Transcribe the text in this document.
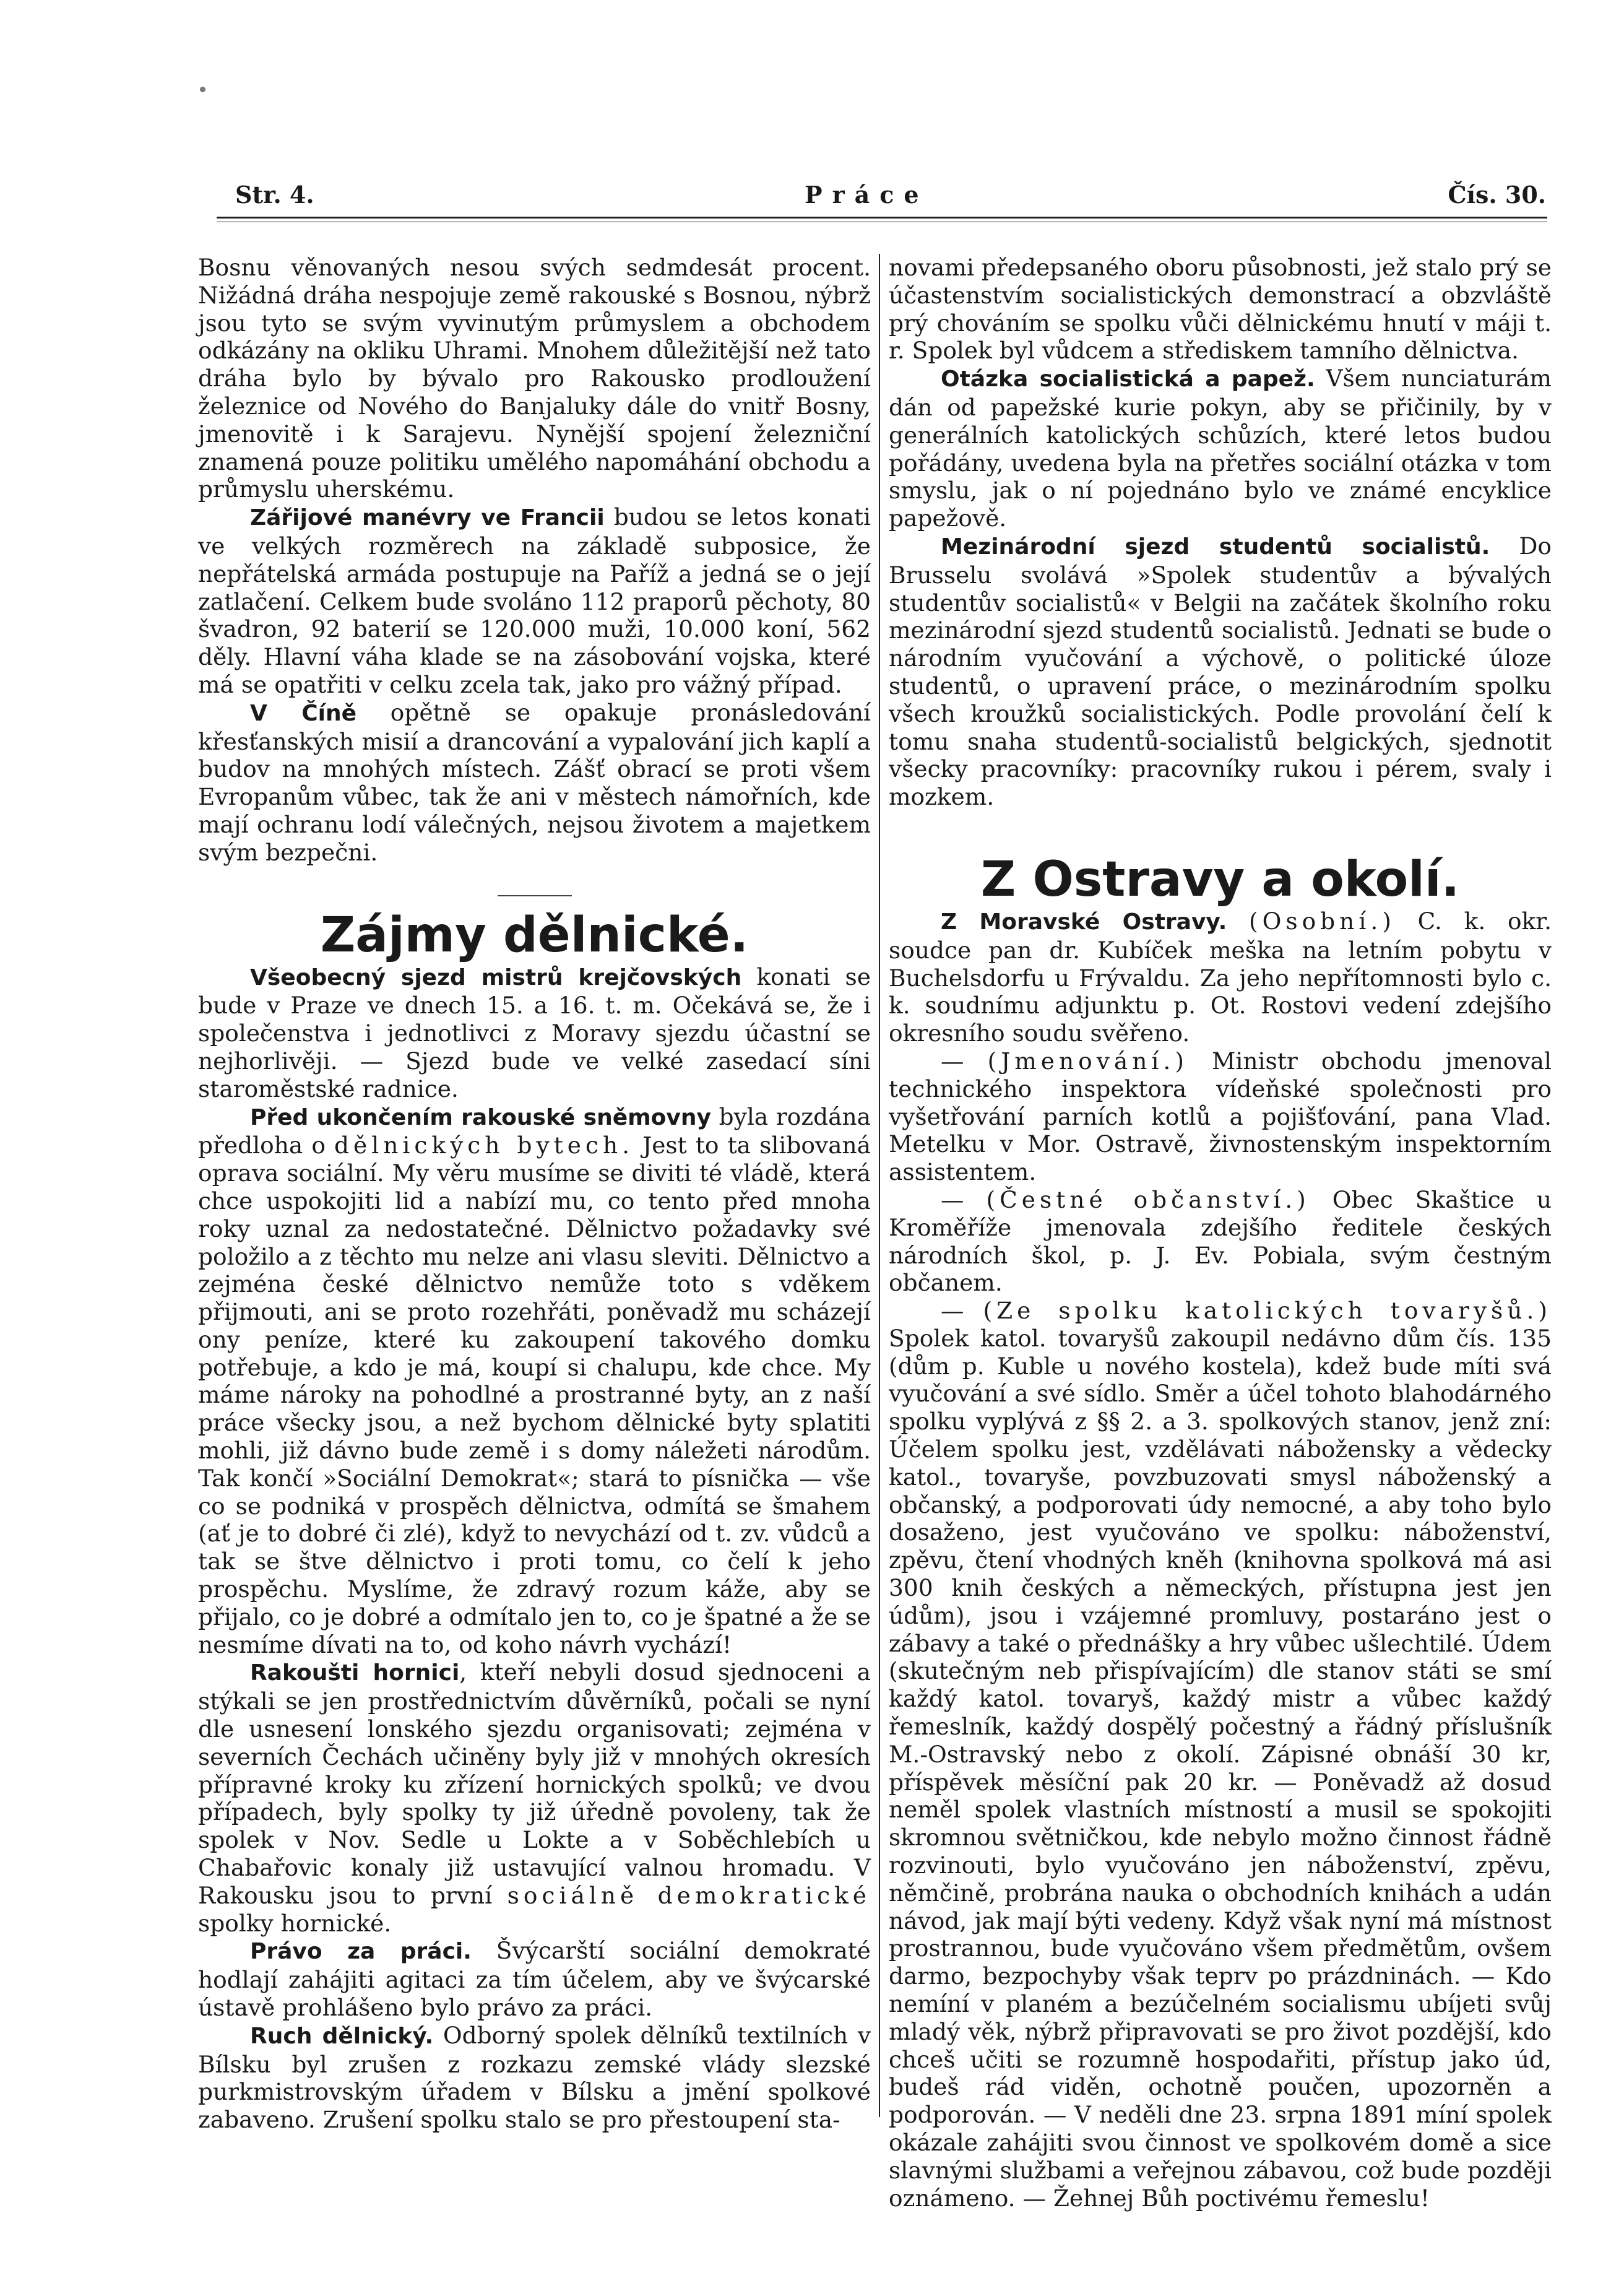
Str. 4.	Práce	Čís. 30.

Bosnu věnovaných nesou svých sedmdesát procent. Nižádná dráha nespojuje země rakouské s Bosnou, nýbrž jsou tyto se svým vyvinutým průmyslem a obchodem odkázány na okliku Uhrami. Mnohem důležitější než tato dráha bylo by bývalo pro Rakousko prodloužení železnice od Nového do Banjaluky dále do vnitř Bosny, jmenovitě i k Sarajevu. Nynější spojení železniční znamená pouze politiku umělého napomáhání obchodu a průmyslu uherskému.

Zářijové manévry ve Francii budou se letos konati ve velkých rozměrech na základě subposice, že nepřátelská armáda postupuje na Paříž a jedná se o její zatlačení. Celkem bude svoláno 112 praporů pěchoty, 80 švadron, 92 baterií se 120.000 muži, 10.000 koní, 562 děly. Hlavní váha klade se na zásobování vojska, které má se opatřiti v celku zcela tak, jako pro vážný případ.

V Číně opětně se opakuje pronásledování křesťanských misií a drancování a vypalování jich kaplí a budov na mnohých místech. Zášť obrací se proti všem Evropanům vůbec, tak že ani v městech námořních, kde mají ochranu lodí válečných, nejsou životem a majetkem svým bezpečni.

Zájmy dělnické.

Všeobecný sjezd mistrů krejčovských konati se bude v Praze ve dnech 15. a 16. t. m. Očekává se, že i společenstva i jednotlivci z Moravy sjezdu účastní se nejhorlivěji. — Sjezd bude ve velké zasedací síni staroměstské radnice.

Před ukončením rakouské sněmovny byla rozdána předloha o dělnických bytech. Jest to ta slibovaná oprava sociální. My věru musíme se diviti té vládě, která chce uspokojiti lid a nabízí mu, co tento před mnoha roky uznal za nedostatečné. Dělnictvo požadavky své položilo a z těchto mu nelze ani vlasu sleviti. Dělnictvo a zejména české dělnictvo nemůže toto s vděkem přijmouti, ani se proto rozehřáti, poněvadž mu scházejí ony peníze, které ku zakoupení takového domku potřebuje, a kdo je má, koupí si chalupu, kde chce. My máme nároky na pohodlné a prostranné byty, an z naší práce všecky jsou, a než bychom dělnické byty splatiti mohli, již dávno bude země i s domy náležeti národům. Tak končí »Sociální Demokrat«; stará to písnička — vše co se podniká v prospěch dělnictva, odmítá se šmahem (ať je to dobré či zlé), když to nevychází od t. zv. vůdců a tak se štve dělnictvo i proti tomu, co čelí k jeho prospěchu. Myslíme, že zdravý rozum káže, aby se přijalo, co je dobré a odmítalo jen to, co je špatné a že se nesmíme dívati na to, od koho návrh vychází!

Rakoušti hornici, kteří nebyli dosud sjednoceni a stýkali se jen prostřednictvím důvěrníků, počali se nyní dle usnesení lonského sjezdu organisovati; zejména v severních Čechách učiněny byly již v mnohých okresích přípravné kroky ku zřízení hornických spolků; ve dvou případech, byly spolky ty již úředně povoleny, tak že spolek v Nov. Sedle u Lokte a v Soběchlebích u Chabařovic konaly již ustavující valnou hromadu. V Rakousku jsou to první sociálně demokratické spolky hornické.

Právo za práci. Švýcarští sociální demokraté hodlají zahájiti agitaci za tím účelem, aby ve švýcarské ústavě prohlášeno bylo právo za práci.

Ruch dělnický. Odborný spolek dělníků textilních v Bílsku byl zrušen z rozkazu zemské vlády slezské purkmistrovským úřadem v Bílsku a jmění spolkové zabaveno. Zrušení spolku stalo se pro přestoupení sta-

novami předepsaného oboru působnosti, jež stalo prý se účastenstvím socialistických demonstrací a obzvláště prý chováním se spolku vůči dělnickému hnutí v máji t. r. Spolek byl vůdcem a střediskem tamního dělnictva.

Otázka socialistická a papež. Všem nunciaturám dán od papežské kurie pokyn, aby se přičinily, by v generálních katolických schůzích, které letos budou pořádány, uvedena byla na přetřes sociální otázka v tom smyslu, jak o ní pojednáno bylo ve známé encyklice papežově.

Mezinárodní sjezd studentů socialistů. Do Brusselu svolává »Spolek studentův a bývalých studentův socialistů« v Belgii na začátek školního roku mezinárodní sjezd studentů socialistů. Jednati se bude o národním vyučování a výchově, o politické úloze studentů, o upravení práce, o mezinárodním spolku všech kroužků socialistických. Podle provolání čelí k tomu snaha studentů-socialistů belgických, sjednotit všecky pracovníky: pracovníky rukou i pérem, svaly i mozkem.

Z Ostravy a okolí.

Z Moravské Ostravy. (Osobní.) C. k. okr. soudce pan dr. Kubíček meška na letním pobytu v Buchelsdorfu u Frývaldu. Za jeho nepřítomnosti bylo c. k. soudnímu adjunktu p. Ot. Rostovi vedení zdejšího okresního soudu svěřeno.

— (Jmenování.) Ministr obchodu jmenoval technického inspektora vídeňské společnosti pro vyšetřování parních kotlů a pojišťování, pana Vlad. Metelku v Mor. Ostravě, živnostenským inspektorním assistentem.

— (Čestné občanství.) Obec Skaštice u Kroměříže jmenovala zdejšího ředitele českých národních škol, p. J. Ev. Pobiala, svým čestným občanem.

— (Ze spolku katolických tovaryšů.) Spolek katol. tovaryšů zakoupil nedávno dům čís. 135 (dům p. Kuble u nového kostela), kdež bude míti svá vyučování a své sídlo. Směr a účel tohoto blahodárného spolku vyplývá z §§ 2. a 3. spolkových stanov, jenž zní: Účelem spolku jest, vzdělávati nábožensky a vědecky katol., tovaryše, povzbuzovati smysl náboženský a občanský, a podporovati údy nemocné, a aby toho bylo dosaženo, jest vyučováno ve spolku: náboženství, zpěvu, čtení vhodných kněh (knihovna spolková má asi 300 knih českých a německých, přístupna jest jen údům), jsou i vzájemné promluvy, postaráno jest o zábavy a také o přednášky a hry vůbec ušlechtilé. Údem (skutečným neb přispívajícím) dle stanov státi se smí každý katol. tovaryš, každý mistr a vůbec každý řemeslník, každý dospělý počestný a řádný příslušník M.-Ostravský nebo z okolí. Zápisné obnáší 30 kr, příspěvek měsíční pak 20 kr. — Poněvadž až dosud neměl spolek vlastních místností a musil se spokojiti skromnou světničkou, kde nebylo možno činnost řádně rozvinouti, bylo vyučováno jen náboženství, zpěvu, němčině, probrána nauka o obchodních knihách a udán návod, jak mají býti vedeny. Když však nyní má místnost prostrannou, bude vyučováno všem předmětům, ovšem darmo, bezpochyby však teprv po prázdninách. — Kdo nemíní v planém a bezúčelném socialismu ubíjeti svůj mladý věk, nýbrž připravovati se pro život pozdější, kdo chceš učiti se rozumně hospodařiti, přístup jako úd, budeš rád viděn, ochotně poučen, upozorněn a podporován. — V neděli dne 23. srpna 1891 míní spolek okázale zahájiti svou činnost ve spolkovém domě a sice slavnými službami a veřejnou zábavou, což bude později oznámeno. — Žehnej Bůh poctivému řemeslu!
